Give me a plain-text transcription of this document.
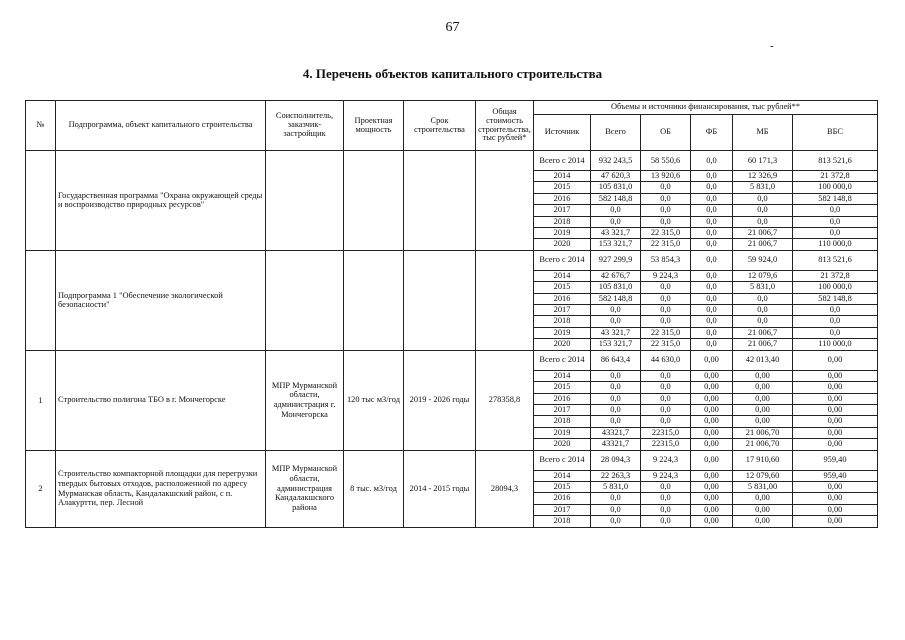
67
-
4. Перечень объектов капитального строительства
№	Подпрограмма, объект капитального строительства	Соисполнитель, заказчик-застройщик	Проектная мощность	Срок строительства	Общая стоимость строительства, тыс рублей*	Объемы и источники финансирования, тыс рублей**					
						Источник	Всего	ОБ	ФБ	МБ	ВБС
	Государственная программа "Охрана окружающей среды и воспроизводство природных ресурсов"					Всего с 2014	932 243,5	58 550,6	0,0	60 171,3	813 521,6
						2014	47 620,3	13 920,6	0,0	12 326,9	21 372,8
						2015	105 831,0	0,0	0,0	5 831,0	100 000,0
						2016	582 148,8	0,0	0,0	0,0	582 148,8
						2017	0,0	0,0	0,0	0,0	0,0
						2018	0,0	0,0	0,0	0,0	0,0
						2019	43 321,7	22 315,0	0,0	21 006,7	0,0
						2020	153 321,7	22 315,0	0,0	21 006,7	110 000,0
	Подпрограмма 1 "Обеспечение экологической безопасности"					Всего с 2014	927 299,9	53 854,3	0,0	59 924,0	813 521,6
						2014	42 676,7	9 224,3	0,0	12 079,6	21 372,8
						2015	105 831,0	0,0	0,0	5 831,0	100 000,0
						2016	582 148,8	0,0	0,0	0,0	582 148,8
						2017	0,0	0,0	0,0	0,0	0,0
						2018	0,0	0,0	0,0	0,0	0,0
						2019	43 321,7	22 315,0	0,0	21 006,7	0,0
						2020	153 321,7	22 315,0	0,0	21 006,7	110 000,0
1	Строительство полигона ТБО в г. Мончегорске	МПР Мурманской области, администрация г. Мончегорска	120 тыс м3/год	2019 - 2026 годы	278358,8	Всего с 2014	86 643,4	44 630,0	0,00	42 013,40	0,00
						2014	0,0	0,0	0,00	0,00	0,00
						2015	0,0	0,0	0,00	0,00	0,00
						2016	0,0	0,0	0,00	0,00	0,00
						2017	0,0	0,0	0,00	0,00	0,00
						2018	0,0	0,0	0,00	0,00	0,00
						2019	43321,7	22315,0	0,00	21 006,70	0,00
						2020	43321,7	22315,0	0,00	21 006,70	0,00
2	Строительство компакторной площадки для перегрузки твердых бытовых отходов, расположенной по адресу Мурманская область, Кандалакшский район, с п. Алакуртти, пер. Лесной	МПР Мурманской области, администрация Кандалакшского района	8 тыс. м3/год	2014 - 2015 годы	28094,3	Всего с 2014	28 094,3	9 224,3	0,00	17 910,60	959,40
						2014	22 263,3	9 224,3	0,00	12 079,60	959,40
						2015	5 831,0	0,0	0,00	5 831,00	0,00
						2016	0,0	0,0	0,00	0,00	0,00
						2017	0,0	0,0	0,00	0,00	0,00
						2018	0,0	0,0	0,00	0,00	0,00
